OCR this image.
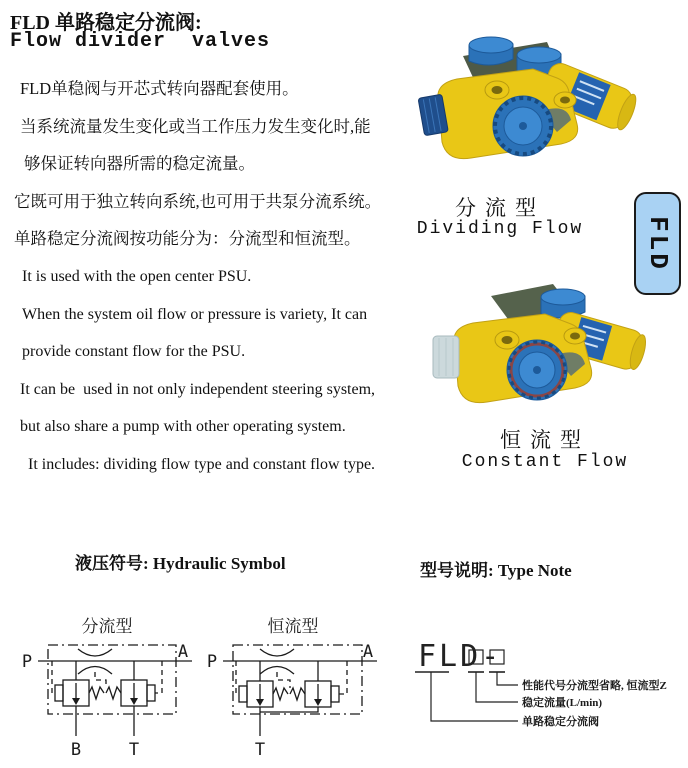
FLD 单路稳定分流阀:
Flow divider  valves
FLD单稳阀与开芯式转向器配套使用。
当系统流量发生变化或当工作压力发生变化时,能
够保证转向器所需的稳定流量。
它既可用于独立转向系统,也可用于共泵分流系统。
单路稳定分流阀按功能分为：分流型和恒流型。
It is used with the open center PSU.
When the system oil flow or pressure is variety, It can
provide constant flow for the PSU.
It can be  used in not only independent steering system,
but also share a pump with other operating system.
It includes: dividing flow type and constant flow type.
分流型
Dividing Flow	FLD
恒流型
Constant Flow
液压符号: Hydraulic Symbol	型号说明: Type Note
分流型
P	A
B	T
恒流型
P	A
T
FLD-
性能代号分流型省略, 恒流型Z
稳定流量(L/min)
单路稳定分流阀
